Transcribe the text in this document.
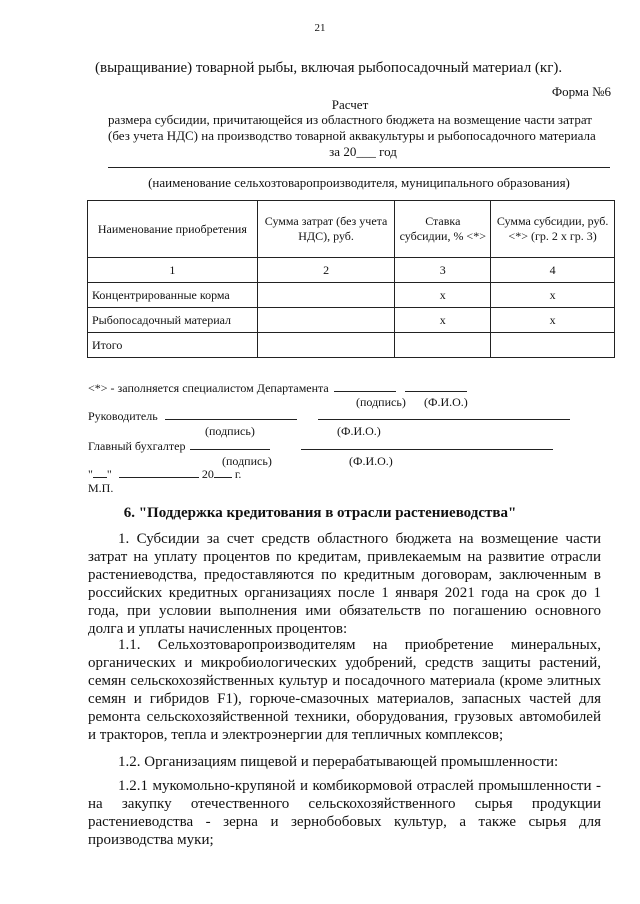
21
(выращивание) товарной рыбы, включая рыбопосадочный материал (кг).
Форма №6
Расчет
размера субсидии, причитающейся из областного бюджета на возмещение части затрат
(без учета НДС) на производство товарной аквакультуры и рыбопосадочного материала

за 20___ год
(наименование сельхозтоваропроизводителя, муниципального образования)
Наименование приобретения	Сумма затрат (без учета НДС), руб.	Ставка субсидии, % <*>	Сумма субсидии, руб. <*> (гр. 2 х гр. 3)
1	2	3	4
Концентрированные корма		х	х
Рыбопосадочный материал		х	х
Итого			
<*> - заполняется специалистом Департамента
(подпись) (Ф.И.О.)
Руководитель
(подпись)	(Ф.И.О.)
Главный бухгалтер
(подпись)	(Ф.И.О.)
" "	20 г.
М.П.
6. "Поддержка кредитования в отрасли растениеводства"
1. Субсидии за счет средств областного бюджета на возмещение части затрат на уплату процентов по кредитам, привлекаемым на развитие отрасли растениеводства, предоставляются по кредитным договорам, заключенным в российских кредитных организациях после 1 января 2021 года на срок до 1 года, при условии выполнения ими обязательств по погашению основного долга и уплаты начисленных процентов:
1.1. Сельхозтоваропроизводителям на приобретение минеральных, органических и микробиологических удобрений, средств защиты растений, семян сельскохозяйственных культур и посадочного материала (кроме элитных семян и гибридов F1), горюче-смазочных материалов, запасных частей для ремонта сельскохозяйственной техники, оборудования, грузовых автомобилей и тракторов, тепла и электроэнергии для тепличных комплексов;
1.2. Организациям пищевой и перерабатывающей промышленности:
1.2.1 мукомольно-крупяной и комбикормовой отраслей промышленности - на закупку отечественного сельскохозяйственного сырья продукции растениеводства - зерна и зернобобовых культур, а также сырья для производства муки;
